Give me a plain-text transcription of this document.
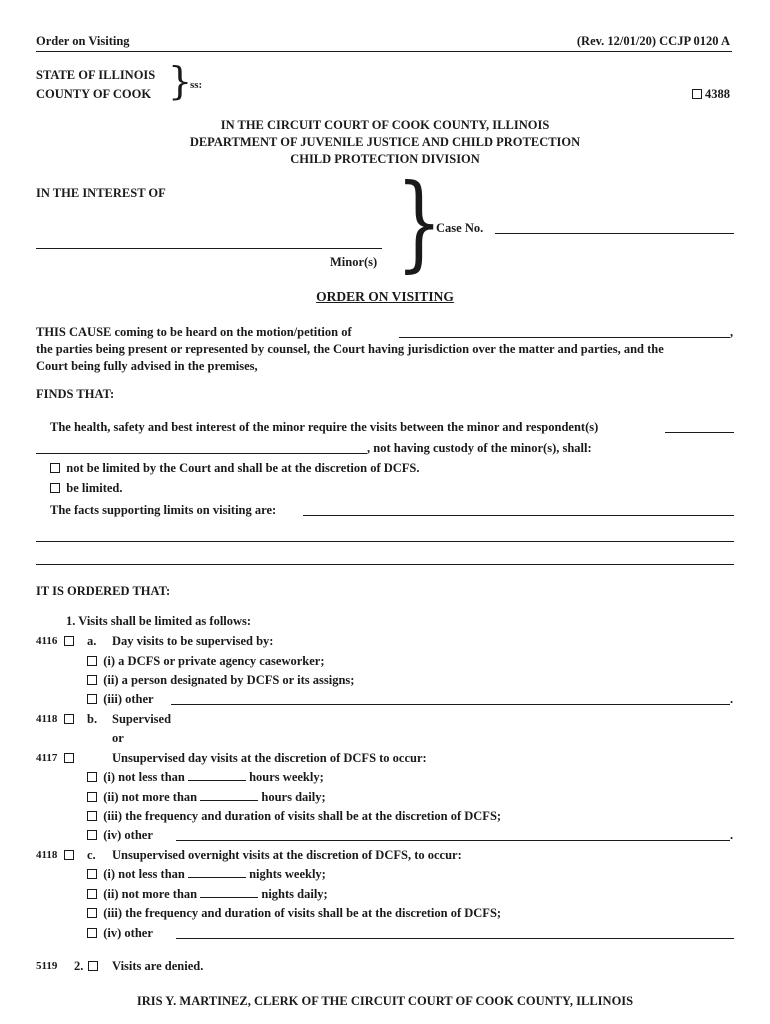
Order on Visiting	(Rev. 12/01/20) CCJP 0120 A
STATE OF ILLINOIS
COUNTY OF COOK }
ss:
4388
IN THE CIRCUIT COURT OF COOK COUNTY, ILLINOIS
DEPARTMENT OF JUVENILE JUSTICE AND CHILD PROTECTION
CHILD PROTECTION DIVISION
IN THE INTEREST OF
Minor(s) }
Case No.
ORDER ON VISITING
THIS CAUSE coming to be heard on the motion/petition of	,
the parties being present or represented by counsel, the Court having jurisdiction over the matter and parties, and the
Court being fully advised in the premises,
FINDS THAT:
The health, safety and best interest of the minor require the visits between the minor and respondent(s)
, not having custody of the minor(s), shall:
not be limited by the Court and shall be at the discretion of DCFS.
be limited.
The facts supporting limits on visiting are:
IT IS ORDERED THAT:
1. Visits shall be limited as follows:
4116 a. Day visits to be supervised by:
(i) a DCFS or private agency caseworker;
(ii) a person designated by DCFS or its assigns;
(iii) other	.
4118 b. Supervised
or
4117	Unsupervised day visits at the discretion of DCFS to occur:
(i) not less than	hours weekly;
(ii) not more than	hours daily;
(iii) the frequency and duration of visits shall be at the discretion of DCFS;
(iv) other	.
4118 c. Unsupervised overnight visits at the discretion of DCFS, to occur:
(i) not less than	nights weekly;
(ii) not more than	nights daily;
(iii) the frequency and duration of visits shall be at the discretion of DCFS;
(iv) other
5119 2. Visits are denied.
IRIS Y. MARTINEZ, CLERK OF THE CIRCUIT COURT OF COOK COUNTY, ILLINOIS
